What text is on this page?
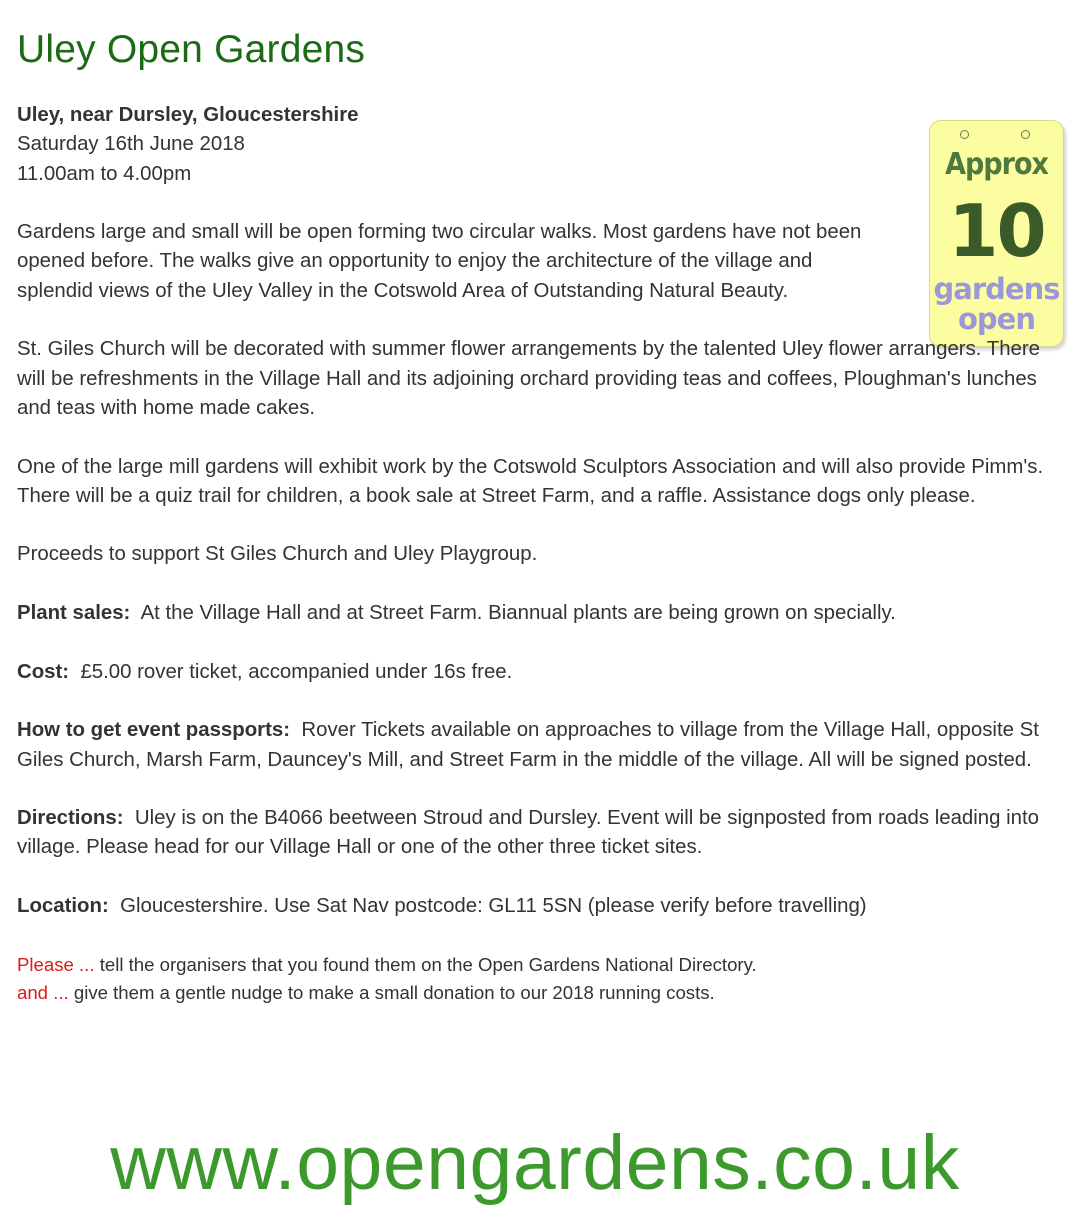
Uley Open Gardens
Approx
10
gardens
open

Uley, near Dursley, Gloucestershire
Saturday 16th June 2018
11.00am to 4.00pm

Gardens large and small will be open forming two circular walks. Most gardens have not been opened before. The walks give an opportunity to enjoy the architecture of the village and splendid views of the Uley Valley in the Cotswold Area of Outstanding Natural Beauty.

St. Giles Church will be decorated with summer flower arrangements by the talented Uley flower arrangers. There will be refreshments in the Village Hall and its adjoining orchard providing teas and coffees, Ploughman's lunches and teas with home made cakes.

One of the large mill gardens will exhibit work by the Cotswold Sculptors Association and will also provide Pimm's. There will be a quiz trail for children, a book sale at Street Farm, and a raffle. Assistance dogs only please.

Proceeds to support St Giles Church and Uley Playgroup.

Plant sales: At the Village Hall and at Street Farm. Biannual plants are being grown on specially.

Cost: £5.00 rover ticket, accompanied under 16s free.

How to get event passports: Rover Tickets available on approaches to village from the Village Hall, opposite St Giles Church, Marsh Farm, Dauncey's Mill, and Street Farm in the middle of the village. All will be signed posted.

Directions: Uley is on the B4066 beetween Stroud and Dursley. Event will be signposted from roads leading into village. Please head for our Village Hall or one of the other three ticket sites.

Location: Gloucestershire. Use Sat Nav postcode: GL11 5SN (please verify before travelling)

Please ... tell the organisers that you found them on the Open Gardens National Directory.
and ... give them a gentle nudge to make a small donation to our 2018 running costs.

www.opengardens.co.uk
